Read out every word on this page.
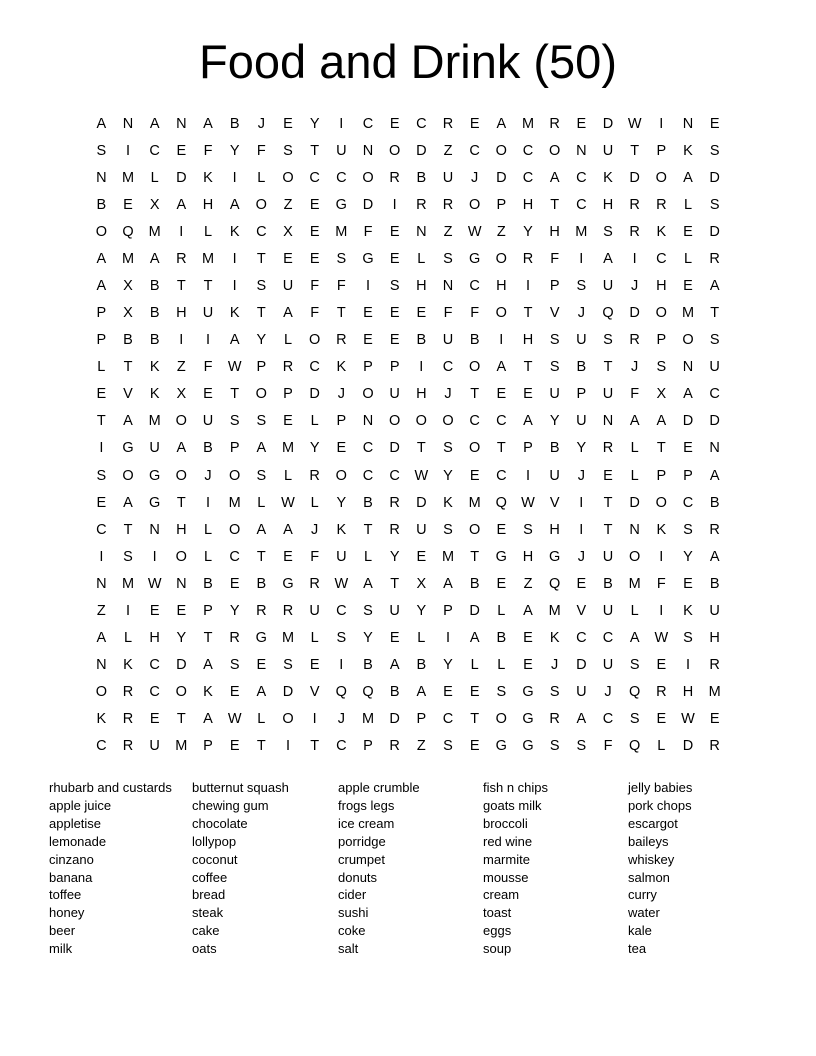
Food and Drink (50)
A	N	A	N	A	B	J	E	Y	I	C	E	C	R	E	A	M	R	E	D	W	I	N	E
S	I	C	E	F	Y	F	S	T	U	N	O	D	Z	C	O	C	O	N	U	T	P	K	S
N	M	L	D	K	I	L	O	C	C	O	R	B	U	J	D	C	A	C	K	D	O	A	D
B	E	X	A	H	A	O	Z	E	G	D	I	R	R	O	P	H	T	C	H	R	R	L	S
O	Q	M	I	L	K	C	X	E	M	F	E	N	Z	W	Z	Y	H	M	S	R	K	E	D
A	M	A	R	M	I	T	E	E	S	G	E	L	S	G	O	R	F	I	A	I	C	L	R
A	X	B	T	T	I	S	U	F	F	I	S	H	N	C	H	I	P	S	U	J	H	E	A
P	X	B	H	U	K	T	A	F	T	E	E	E	F	F	O	T	V	J	Q	D	O	M	T
P	B	B	I	I	A	Y	L	O	R	E	E	B	U	B	I	H	S	U	S	R	P	O	S
L	T	K	Z	F	W	P	R	C	K	P	P	I	C	O	A	T	S	B	T	J	S	N	U
E	V	K	X	E	T	O	P	D	J	O	U	H	J	T	E	E	U	P	U	F	X	A	C
T	A	M	O	U	S	S	E	L	P	N	O	O	O	C	C	A	Y	U	N	A	A	D	D
I	G	U	A	B	P	A	M	Y	E	C	D	T	S	O	T	P	B	Y	R	L	T	E	N
S	O	G	O	J	O	S	L	R	O	C	C	W	Y	E	C	I	U	J	E	L	P	P	A
E	A	G	T	I	M	L	W	L	Y	B	R	D	K	M	Q W	V	I	T	D	O	C	B
C	T	N	H	L	O	A	A	J	K	T	R	U	S	O	E	S	H	I	T	N	K	S	R
I	S	I	O	L	C	T	E	F	U	L	Y	E	M	T	G	H	G	J	U	O	I	Y	A
N	M W	N	B	E	B	G	R	W	A	T	X	A	B	E	Z	Q	E	B	M	F	E	B
Z	I	E	E	P	Y	R	R	U	C	S	U	Y	P	D	L	A	M	V	U	L	I	K	U
A	L	H	Y	T	R	G	M	L	S	Y	E	L	I	A	B	E	K	C	C	A	W	S	H
N	K	C	D	A	S	E	S	E	I	B	A	B	Y	L	L	E	J	D	U	S	E	I	R
O	R	C	O	K	E	A	D	V	Q	Q	B	A	E	E	S	G	S	U	J	Q	R	H	M
K	R	E	T	A	W	L	O	I	J	M	D	P	C	T	O	G	R	A	C	S	E	W	E
C	R	U	M	P	E	T	I	T	C	P	R	Z	S	E	G	G	S	S	F	Q	L	D	R
rhubarb and custards
apple juice
appletise
lemonade
cinzano
banana
toffee
honey
beer
milk
butternut squash
chewing gum
chocolate
lollypop
coconut
coffee
bread
steak
cake
oats
apple crumble
frogs legs
ice cream
porridge
crumpet
donuts
cider
sushi
coke
salt
fish n chips
goats milk
broccoli
red wine
marmite
mousse
cream
toast
eggs
soup
jelly babies
pork chops
escargot
baileys
whiskey
salmon
curry
water
kale
tea
